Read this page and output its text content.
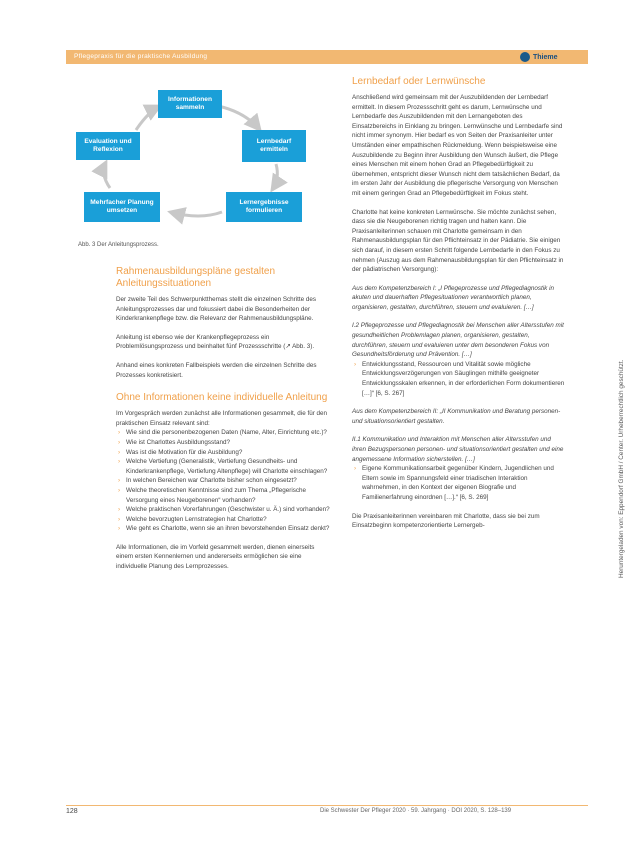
Pflegepraxis für die praktische Ausbildung	Thieme
Informationen sammeln
Lernbedarf ermitteln
Lernergebnisse formulieren
Mehrfacher Planung umsetzen
Evaluation und Reflexion
Abb. 3 Der Anleitungsprozess.

Rahmenausbildungspläne gestalten Anleitungssituationen

Der zweite Teil des Schwerpunktthemas stellt die einzelnen Schritte des Anleitungsprozesses dar und fokussiert dabei die Besonderheiten der Kinderkrankenpflege bzw. die Relevanz der Rahmenausbildungspläne.

Anleitung ist ebenso wie der Krankenpflegeprozess ein Problemlösungsprozess und beinhaltet fünf Prozessschritte (↗ Abb. 3).

Anhand eines konkreten Fallbeispiels werden die einzelnen Schritte des Prozesses konkretisiert.

Ohne Informationen keine individuelle Anleitung

Im Vorgespräch werden zunächst alle Informationen gesammelt, die für den praktischen Einsatz relevant sind:

› Wie sind die personenbezogenen Daten (Name, Alter, Einrichtung etc.)?
› Wie ist Charlottes Ausbildungsstand?
› Was ist die Motivation für die Ausbildung?
› Welche Vertiefung (Generalistik, Vertiefung Gesundheits- und Kinderkrankenpflege, Vertiefung Altenpflege) will Charlotte einschlagen?
› In welchen Bereichen war Charlotte bisher schon eingesetzt?
› Welche theoretischen Kenntnisse sind zum Thema „Pflegerische Versorgung eines Neugeborenen“ vorhanden?
› Welche praktischen Vorerfahrungen (Geschwister u. Ä.) sind vorhanden?
› Welche bevorzugten Lernstrategien hat Charlotte?
› Wie geht es Charlotte, wenn sie an ihren bevorstehenden Einsatz denkt?

Alle Informationen, die im Vorfeld gesammelt werden, dienen einerseits einem ersten Kennenlernen und andererseits ermöglichen sie eine individuelle Planung des Lernprozesses.

Lernbedarf oder Lernwünsche

Anschließend wird gemeinsam mit der Auszubildenden der Lernbedarf ermittelt. In diesem Prozessschritt geht es darum, Lernwünsche und Lernbedarfe des Auszubildenden mit den Lernangeboten des Einsatzbereichs in Einklang zu bringen. Lernwünsche und Lernbedarfe sind nicht immer synonym. Hier bedarf es von Seiten der Praxisanleiter unter Umständen einer empathischen Rückmeldung. Wenn beispielsweise eine Auszubildende zu Beginn ihrer Ausbildung den Wunsch äußert, die Pflege eines Menschen mit einem hohen Grad an Pflegebedürftigkeit zu übernehmen, entspricht dieser Wunsch nicht dem tatsächlichen Bedarf, da im ersten Jahr der Ausbildung die pflegerische Versorgung von Menschen mit einem geringen Grad an Pflegebedürftigkeit im Fokus steht.

Charlotte hat keine konkreten Lernwünsche. Sie möchte zunächst sehen, dass sie die Neugeborenen richtig tragen und halten kann. Die Praxisanleiterinnen schauen mit Charlotte gemeinsam in den Rahmenausbildungsplan für den Pflichteinsatz in der Pädiatrie. Sie einigen sich darauf, in diesem ersten Schritt folgende Lernbedarfe in den Fokus zu nehmen (Auszug aus dem Rahmenausbildungsplan für den Pflichteinsatz in der pädiatrischen Versorgung):

Aus dem Kompetenzbereich I: „I Pflegeprozesse und Pflegediagnostik in akuten und dauerhaften Pflegesituationen verantwortlich planen, organisieren, gestalten, durchführen, steuern und evaluieren. […]

I.2 Pflegeprozesse und Pflegediagnostik bei Menschen aller Altersstufen mit gesundheitlichen Problemlagen planen, organisieren, gestalten, durchführen, steuern und evaluieren unter dem besonderen Fokus von Gesundheitsförderung und Prävention. […]

› Entwicklungsstand, Ressourcen und Vitalität sowie mögliche Entwicklungsverzögerungen von Säuglingen mithilfe geeigneter Entwicklungsskalen erkennen, in der erforderlichen Form dokumentieren […]“ [6, S. 267]

Aus dem Kompetenzbereich II: „II Kommunikation und Beratung personen- und situationsorientiert gestalten.

II.1 Kommunikation und Interaktion mit Menschen aller Altersstufen und ihren Bezugspersonen personen- und situationsorientiert gestalten und eine angemessene Information sicherstellen. […]

› Eigene Kommunikationsarbeit gegenüber Kindern, Jugendlichen und Eltern sowie im Spannungsfeld einer triadischen Interaktion wahrnehmen, in den Kontext der eigenen Biografie und Familienerfahrung einordnen […].“ [6, S. 269]

Die Praxisanleiterinnen vereinbaren mit Charlotte, dass sie bei zum Einsatzbeginn kompetenzorientierte Lernergeb-	Heruntergeladen von: Eppendorf GmbH / Center. Urheberrechtlich geschützt.
128	Die Schwester Der Pfleger 2020 · 59. Jahrgang · DOI 2020, S. 128–139
